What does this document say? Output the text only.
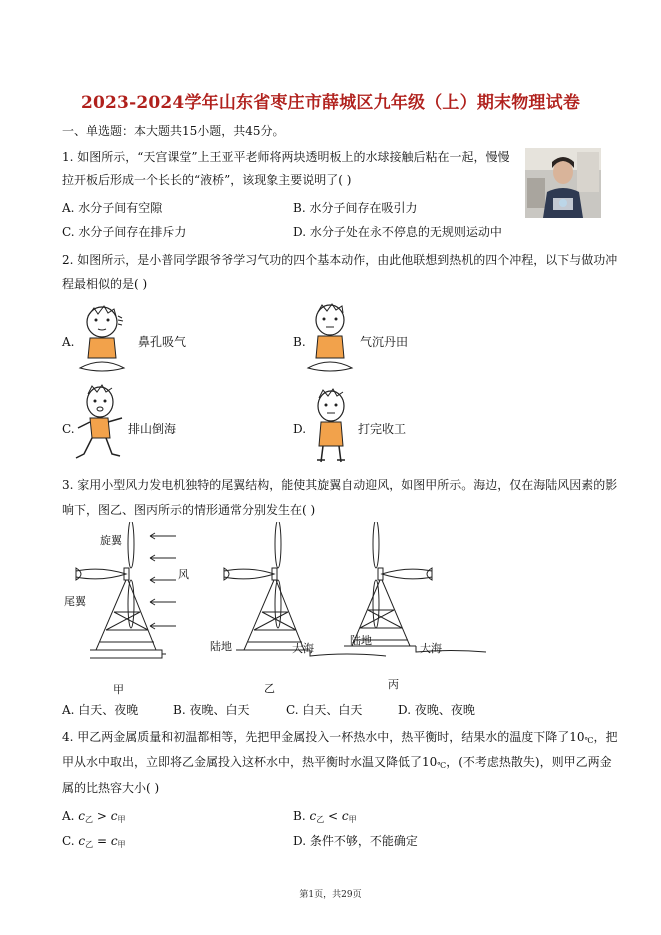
2023-2024学年山东省枣庄市薛城区九年级（上）期末物理试卷
一、单选题：本大题共15小题，共45分。
1. 如图所示，“天宫课堂”上王亚平老师将两块透明板上的水球接触后粘在一起，慢慢
拉开板后形成一个长长的“液桥”，该现象主要说明了( )
A. 水分子间有空隙	B. 水分子间存在吸引力
C. 水分子间存在排斥力	D. 水分子处在永不停息的无规则运动中
2. 如图所示，是小普同学跟爷爷学习气功的四个基本动作，由此他联想到热机的四个冲程，以下与做功冲
程最相似的是( )
A.	鼻孔吸气	B.	气沉丹田
C.	排山倒海	D.	打完收工
3. 家用小型风力发电机独特的尾翼结构，能使其旋翼自动迎风，如图甲所示。海边，仅在海陆风因素的影
响下，图乙、图丙所示的情形通常分别发生在( )
旋翼
风
尾翼
陆地	大海
陆地
大海
甲	乙	丙
A. 白天、夜晚	B. 夜晚、白天	C. 白天、白天	D. 夜晚、夜晚
4. 甲乙两金属质量和初温都相等，先把甲金属投入一杯热水中，热平衡时，结果水的温度下降了$10_℃$，把
甲从水中取出，立即将乙金属投入这杯水中，热平衡时水温又降低了$10_℃$，(不考虑热散失)，则甲乙两金
属的比热容大小( )
A. $c_乙 > c_甲$	B. $c_乙 < c_甲$
C. $c_乙 = c_甲$	D. 条件不够，不能确定
第1页，共29页
